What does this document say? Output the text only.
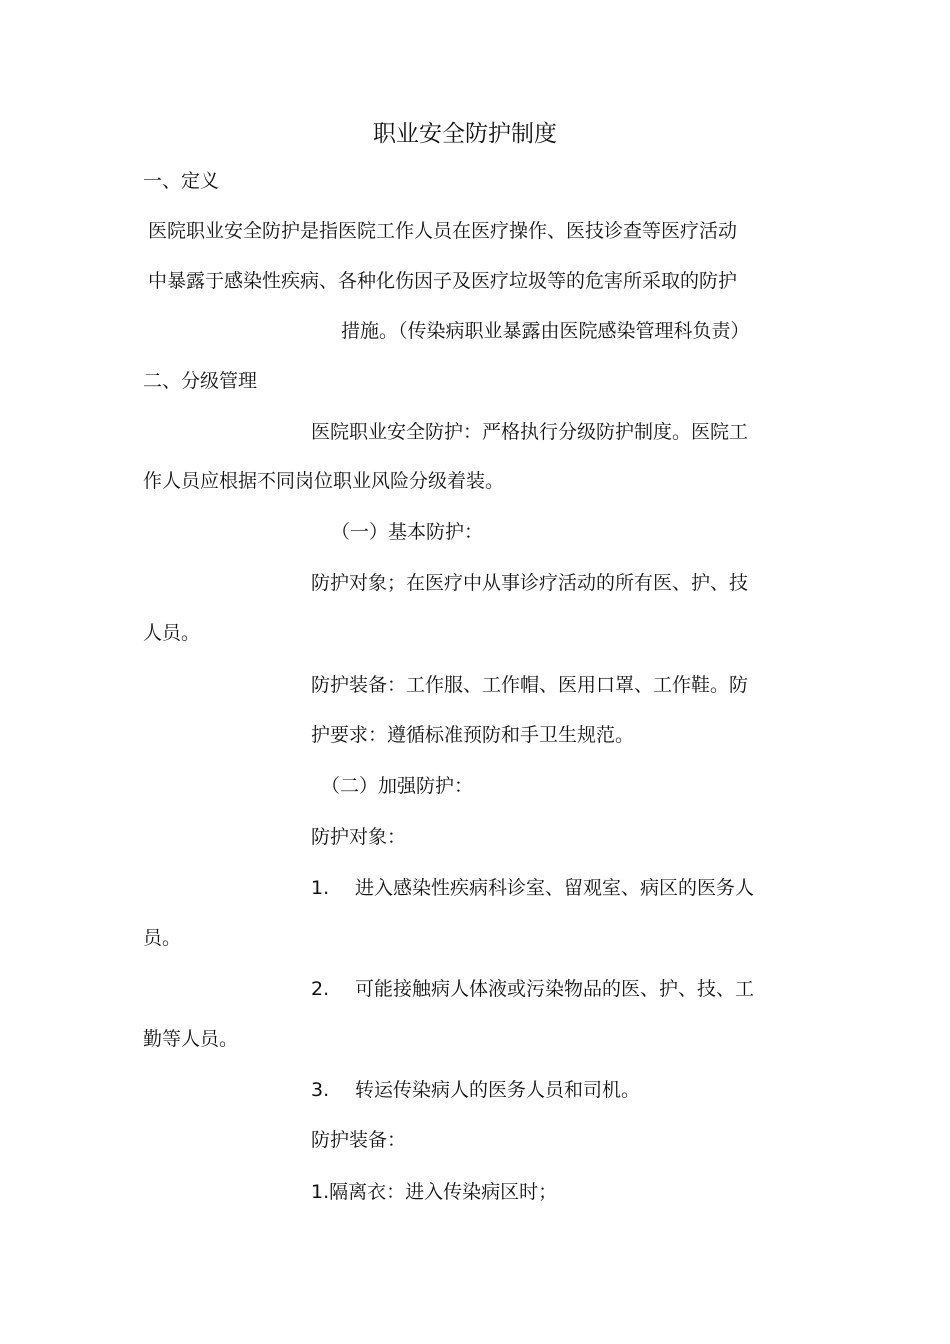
职业安全防护制度
一、定义
医院职业安全防护是指医院工作人员在医疗操作、医技诊查等医疗活动
中暴露于感染性疾病、各种化伤因子及医疗垃圾等的危害所采取的防护
措施。（传染病职业暴露由医院感染管理科负责）
二、分级管理
医院职业安全防护：严格执行分级防护制度。医院工
作人员应根据不同岗位职业风险分级着装。
（一）基本防护：
防护对象；在医疗中从事诊疗活动的所有医、护、技
人员。
防护装备：工作服、工作帽、医用口罩、工作鞋。防
护要求：遵循标准预防和手卫生规范。
（二）加强防护：
防护对象：
1. 进入感染性疾病科诊室、留观室、病区的医务人
员。
2. 可能接触病人体液或污染物品的医、护、技、工
勤等人员。
3. 转运传染病人的医务人员和司机。
防护装备：
1.隔离衣：进入传染病区时；
